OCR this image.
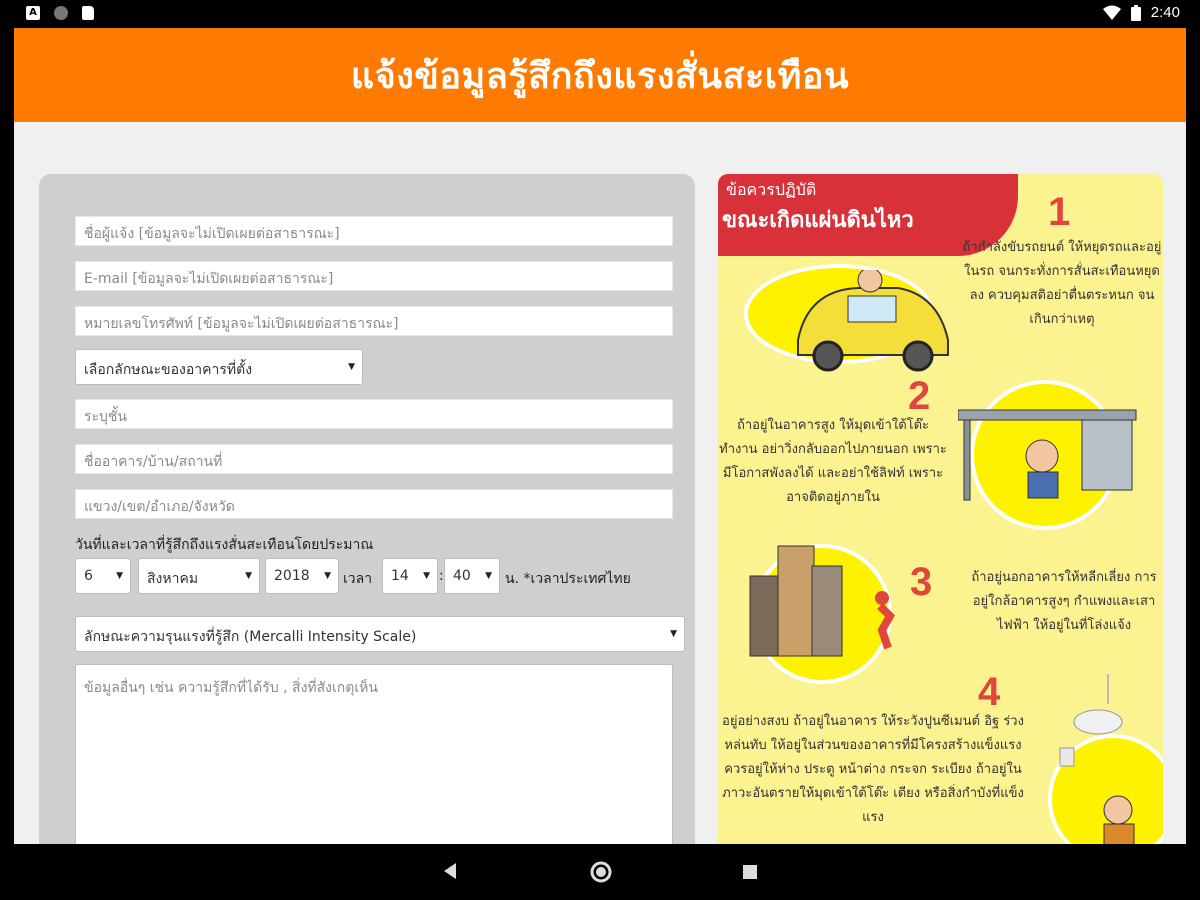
A	2:40
แจ้งข้อมูลรู้สึกถึงแรงสั่นสะเทือน
ชื่อผู้แจ้ง [ข้อมูลจะไม่เปิดเผยต่อสาธารณะ]
E-mail [ข้อมูลจะไม่เปิดเผยต่อสาธารณะ]
หมายเลขโทรศัพท์ [ข้อมูลจะไม่เปิดเผยต่อสาธารณะ]
เลือกลักษณะของอาคารที่ตั้ง	▼
ระบุชั้น
ชื่ออาคาร/บ้าน/สถานที่
แขวง/เขต/อำเภอ/จังหวัด
วันที่และเวลาที่รู้สึกถึงแรงสั่นสะเทือนโดยประมาณ
6	▼	สิงหาคม	▼	2018 ▼ เวลา	14 ▼ : 40 ▼ น. *เวลาประเทศไทย
ลักษณะความรุนแรงที่รู้สึก (Mercalli Intensity Scale)	▼
ข้อมูลอื่นๆ เช่น ความรู้สึกที่ได้รับ , สิ่งที่สังเกตุเห็น
ข้อควรปฏิบัติ
ขณะเกิดแผ่นดินไหว	1
ถ้ากำลังขับรถยนต์ ให้หยุดรถและอยู่ในรถ จนกระทั่งการสั่นสะเทือนหยุดลง ควบคุมสติอย่าตื่นตระหนก จนเกินกว่าเหตุ
2
ถ้าอยู่ในอาคารสูง ให้มุดเข้าใต้โต๊ะทำงาน อย่าวิ่งกลับออกไปภายนอก เพราะมีโอกาสพังลงได้ และอย่าใช้ลิฟท์ เพราะอาจติดอยู่ภายใน
3	ถ้าอยู่นอกอาคารให้หลีกเลี่ยง การอยู่ใกล้อาคารสูงๆ กำแพงและเสาไฟฟ้า ให้อยู่ในที่โล่งแจ้ง
4
อยู่อย่างสงบ ถ้าอยู่ในอาคาร ให้ระวังปูนซีเมนต์ อิฐ ร่วงหล่นทับ ให้อยู่ในส่วนของอาคารที่มีโครงสร้างแข็งแรง ควรอยู่ให้ห่าง ประตู หน้าต่าง กระจก ระเบียง ถ้าอยู่ในภาวะอันตรายให้มุดเข้าใต้โต๊ะ เตียง หรือสิ่งกำบังที่แข็งแรง
